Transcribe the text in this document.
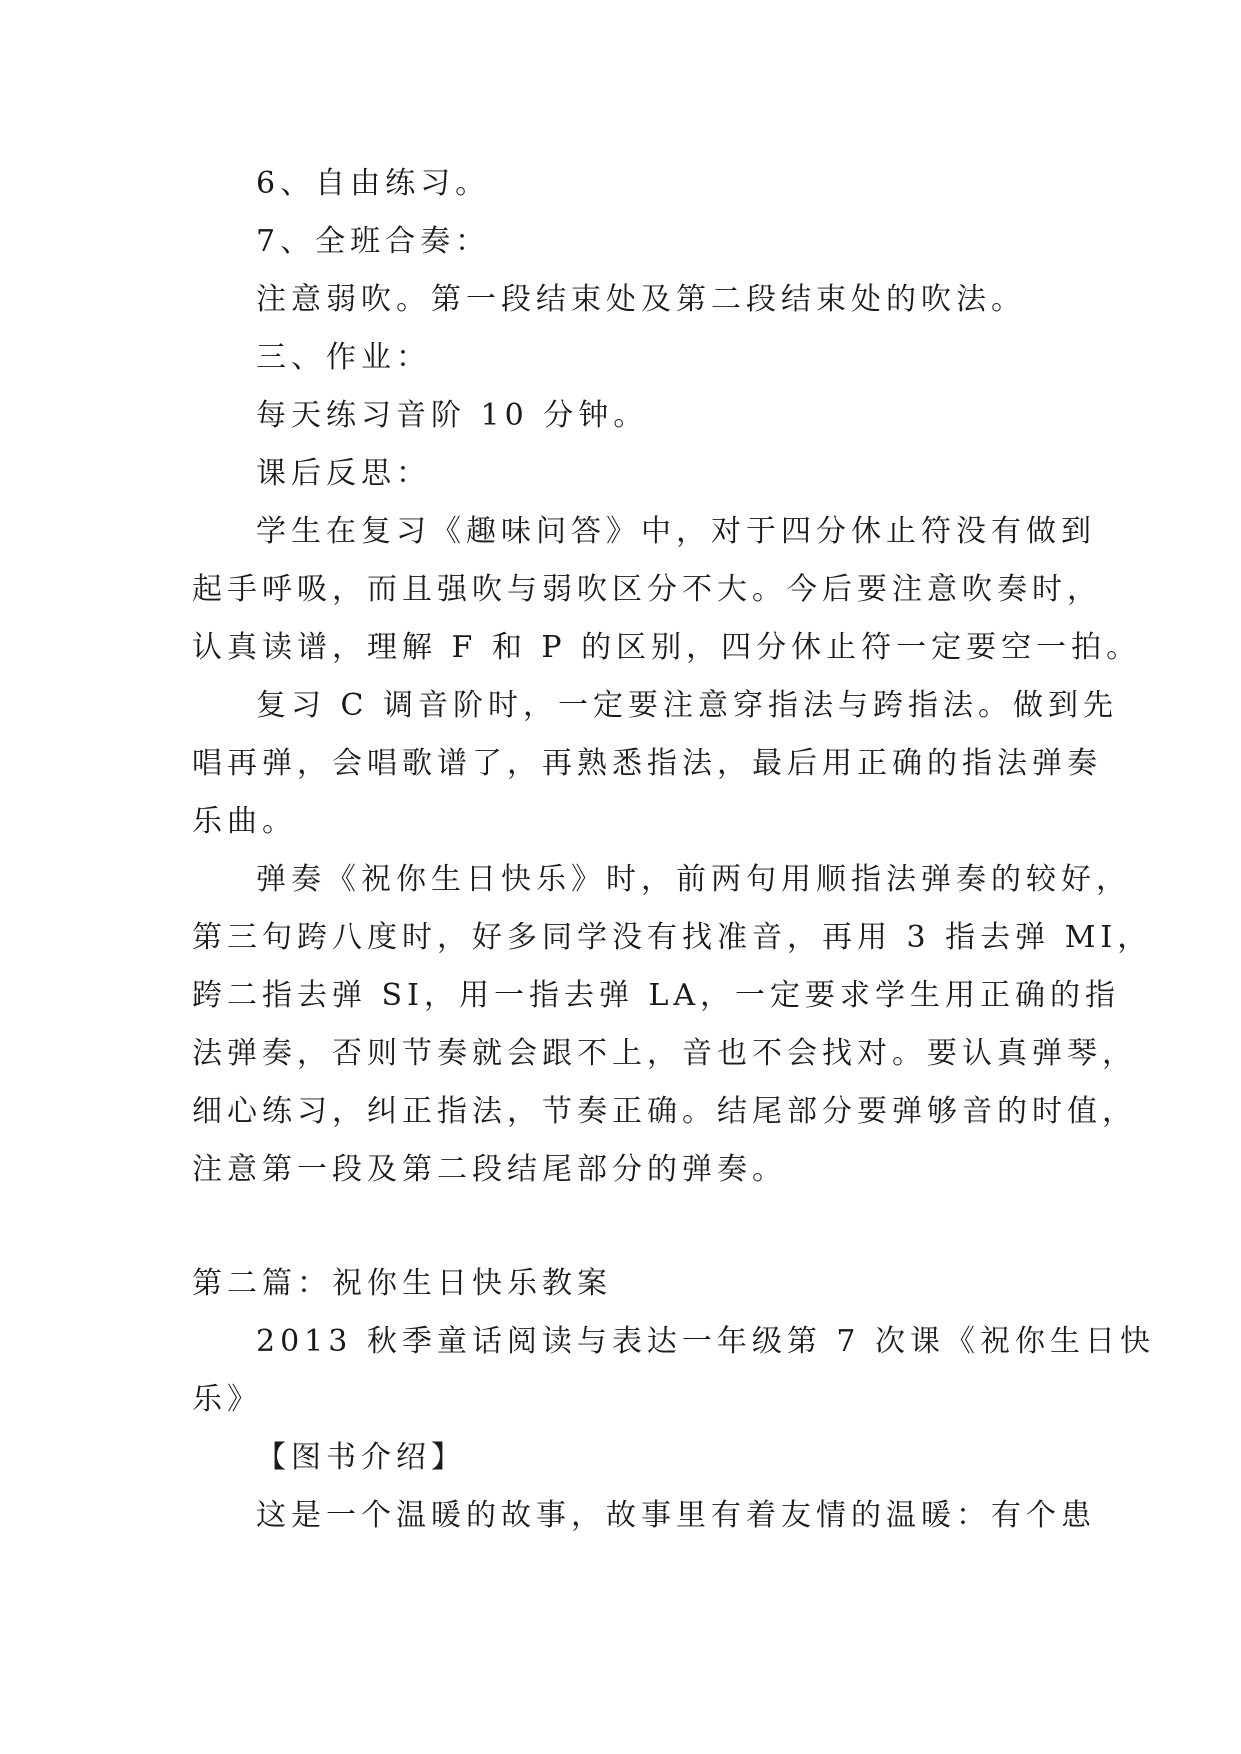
6、自由练习。
7、全班合奏：
注意弱吹。第一段结束处及第二段结束处的吹法。
三、作业：
每天练习音阶 10 分钟。
课后反思：
学生在复习《趣味问答》中，对于四分休止符没有做到
起手呼吸，而且强吹与弱吹区分不大。今后要注意吹奏时，
认真读谱，理解 F 和 P 的区别，四分休止符一定要空一拍。
复习 C 调音阶时，一定要注意穿指法与跨指法。做到先
唱再弹，会唱歌谱了，再熟悉指法，最后用正确的指法弹奏
乐曲。
弹奏《祝你生日快乐》时，前两句用顺指法弹奏的较好，
第三句跨八度时，好多同学没有找准音，再用 3 指去弹 MI，
跨二指去弹 SI，用一指去弹 LA，一定要求学生用正确的指
法弹奏，否则节奏就会跟不上，音也不会找对。要认真弹琴，
细心练习，纠正指法，节奏正确。结尾部分要弹够音的时值，
注意第一段及第二段结尾部分的弹奏。
第二篇：祝你生日快乐教案
2013 秋季童话阅读与表达一年级第 7 次课《祝你生日快
乐》
【图书介绍】
这是一个温暖的故事，故事里有着友情的温暖：有个患
